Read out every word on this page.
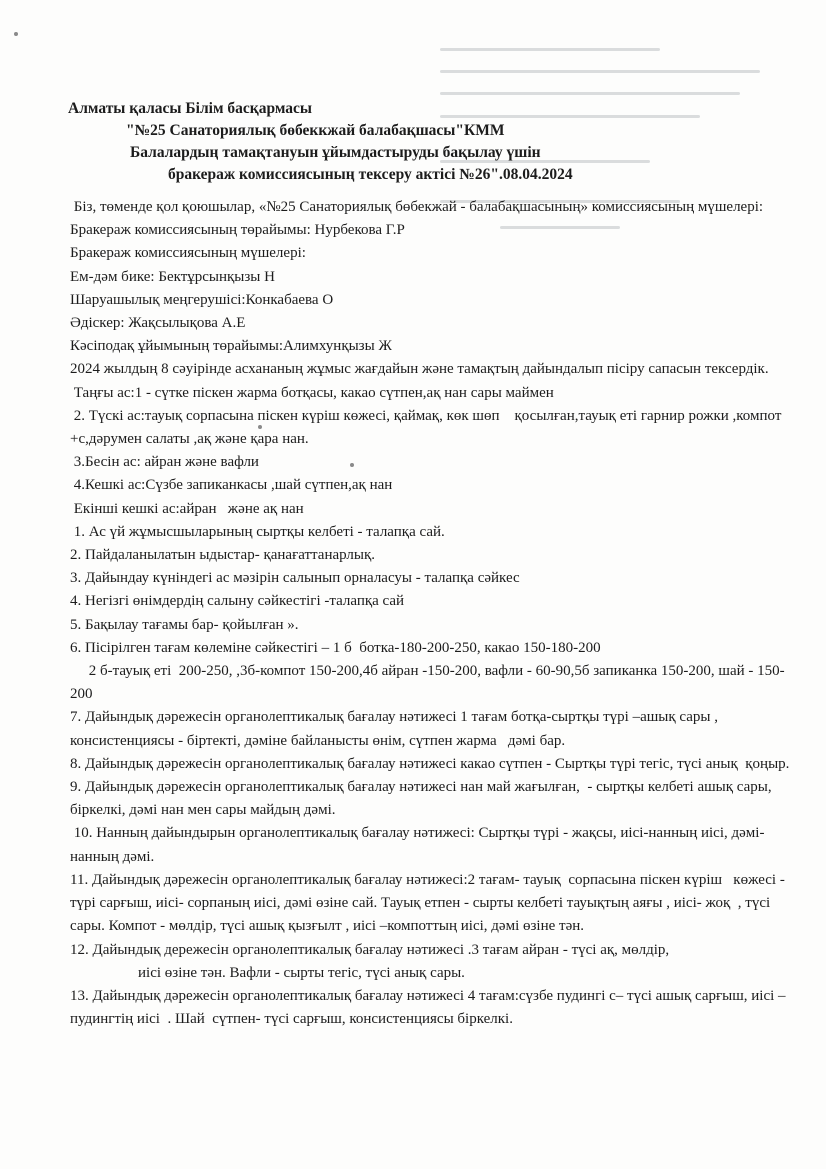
Алматы қаласы Білім басқармасы
"№25 Санаториялық бөбеккжай балабақшасы"КММ
Балалардың тамақтануын ұйымдастыруды бақылау үшін
бракераж комиссиясының тексеру актісі №26".08.04.2024

Біз, төменде қол қоюшылар, «№25 Санаториялық бөбекжай - балабақшасының» комиссиясының мүшелері:

Бракераж комиссиясының төрайымы: Нурбекова Г.Р

Бракераж комиссиясының мүшелері:

Ем-дәм бике: Бектұрсынқызы Н

Шаруашылық меңгерушісі:Конкабаева О

Әдіскер: Жақсылықова А.Е

Кәсіподақ ұйымының төрайымы:Алимхунқызы Ж

2024 жылдың 8 сәуірінде асхананың жұмыс жағдайын және тамақтың дайындалып пісіру сапасын тексердік.

Таңғы ас:1 - сүтке піскен жарма ботқасы, какао сүтпен,ақ нан сары маймен

2. Түскі ас:тауық сорпасына піскен күріш көжесі, қаймақ, көк шөп    қосылған,тауық еті гарнир рожки ,компот +с,дәрумен салаты ,ақ және қара нан.

3.Бесін ас: айран және вафли

4.Кешкі ас:Сүзбе запиканкасы ,шай сүтпен,ақ нан

Екінші кешкі ас:айран   және ақ нан

1. Ас үй жұмысшыларының сыртқы келбеті - талапқа сай.

2. Пайдаланылатын ыдыстар- қанағаттанарлық.

3. Дайындау күніндегі ас мәзірін салынып орналасуы - талапқа сәйкес

4. Негізгі өнімдердің салыну сәйкестігі -талапқа сай

5. Бақылау тағамы бар- қойылған ».

6. Пісірілген тағам көлеміне сәйкестігі – 1 б  ботка-180-200-250, какао 150-180-200

2 б-тауық еті  200-250, ,3б-компот 150-200,4б айран -150-200, вафли - 60-90,5б запиканка 150-200, шай - 150-200

7. Дайындық дәрежесін органолептикалық бағалау нәтижесі 1 тағам ботқа-сыртқы түрі –ашық сары , консистенциясы - біртекті, дәміне байланысты өнім, сүтпен жарма   дәмі бар.

8. Дайындық дәрежесін органолептикалық бағалау нәтижесі какао сүтпен - Сыртқы түрі тегіс, түсі анық  қоңыр.

9. Дайындық дәрежесін органолептикалық бағалау нәтижесі нан май жағылған,  - сыртқы келбеті ашық сары, біркелкі, дәмі нан мен сары майдың дәмі.

10. Нанның дайындырын органолептикалық бағалау нәтижесі: Сыртқы түрі - жақсы, иісі-нанның иісі, дәмі-нанның дәмі.

11. Дайындық дәрежесін органолептикалық бағалау нәтижесі:2 тағам- тауық  сорпасына піскен күріш   көжесі - түрі сарғыш, иісі- сорпаның иісі, дәмі өзіне сай. Тауық етпен - сырты келбеті тауықтың аяғы , иісі- жоқ  , түсі сары. Компот - мөлдір, түсі ашық қызғылт , иісі –компоттың иісі, дәмі өзіне тән.

12. Дайындық дережесін органолептикалық бағалау нәтижесі .3 тағам айран - түсі ақ, мөлдір,

иісі өзіне тән. Вафли - сырты тегіс, түсі анық сары.

13. Дайындық дәрежесін органолептикалық бағалау нәтижесі 4 тағам:сүзбе пудингі с– түсі ашық сарғыш, иісі –пудингтің иісі  . Шай  сүтпен- түсі сарғыш, консистенциясы біркелкі.
